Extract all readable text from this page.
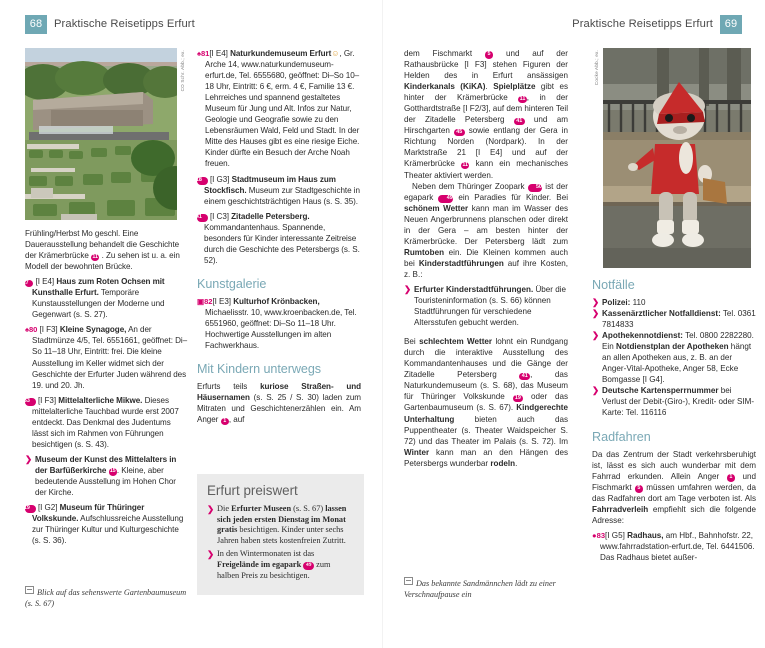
68	Praktische Reisetipps Erfurt	Praktische Reisetipps Erfurt	69
CO Schr. Abb.; ex.	Cocke Abb.; ex.

Frühling/Herbst Mo geschl. Eine Dauerausstellung behandelt die Geschichte der Krämerbrücke 11 . Zu sehen ist u. a. ein Modell der bewohnten Brücke.

17 [I E4] Haus zum Roten Ochsen mit Kunsthalle Erfurt. Temporäre Kunstausstellungen der Moderne und Gegenwart (s. S. 27).

♠80 [I F3] Kleine Synagoge, An der Stadtmünze 4/5, Tel. 6551661, geöffnet: Di–So 11–18 Uhr, Eintritt: frei. Die kleine Ausstellung im Keller widmet sich der Geschichte der Erfurter Juden während des 19. und 20. Jh.

53 [I F3] Mittelalterliche Mikwe. Dieses mittelalterliche Tauchbad wurde erst 2007 entdeckt. Das Denkmal des Judentums lässt sich im Rahmen von Führungen besichtigen (s. S. 43).

❯ Museum der Kunst des Mittelalters in der Barfüßerkirche 15. Kleine, aber bedeutende Ausstellung im Hohen Chor der Kirche.

19 [I G2] Museum für Thüringer Volkskunde. Aufschlussreiche Ausstellung zur Thüringer Kultur und Kulturgeschichte (s. S. 36).

Blick auf das sehenswerte Gartenbaumuseum (s. S. 67)

♠81[I E4] Naturkundemuseum Erfurt☺, Gr. Arche 14, www.naturkundemuseum-erfurt.de, Tel. 6555680, geöffnet: Di–So 10–18 Uhr, Eintritt: 6 €, erm. 4 €, Familie 13 €. Lehrreiches und spannend gestaltetes Museum für Jung und Alt. Infos zur Natur, Geologie und Geografie sowie zu den Lebensräumen Wald, Feld und Stadt. In der Mitte des Hauses gibt es eine riesige Eiche. Kinder dürfte ein Besuch der Arche Noah freuen.

18 [I G3] Stadtmuseum im Haus zum Stockfisch. Museum zur Stadtgeschichte in einem geschichtsträchtigen Haus (s. S. 35).

41 [I C3] Zitadelle Petersberg. Kommandantenhaus. Spannende, besonders für Kinder interessante Zeitreise durch die Geschichte des Petersbergs (s. S. 52).

Kunstgalerie

▣82[I E3] Kulturhof Krönbacken, Michaelisstr. 10, www.kroenbacken.de, Tel. 6551960, geöffnet: Di–So 11–18 Uhr. Hochwertige Ausstellungen im alten Fachwerkhaus.

Mit Kindern unterwegs

Erfurts teils kuriose Straßen- und Häusernamen (s. S. 25 / S. 30) laden zum Mitraten und Geschichtenerzählen ein. Am Anger 1 , auf

Erfurt preiswert
❯ Die Erfurter Museen (s. S. 67) lassen sich jeden ersten Dienstag im Monat gratis besichtigen. Kinder unter sechs Jahren haben stets kostenfreien Zutritt.
❯ In den Wintermonaten ist das Freigelände im egapark 49 zum halben Preis zu besichtigen.

dem Fischmarkt 5 und auf der Rathausbrücke [I F3] stehen Figuren der Helden des in Erfurt ansässigen Kinderkanals (KiKA). Spielplätze gibt es hinter der Krämerbrücke 11, in der Gotthardtstraße [I F2/3], auf dem hinteren Teil der Zitadelle Petersberg 41 und am Hirschgarten 45 sowie entlang der Gera in Richtung Norden (Nordpark). In der Marktstraße 21 [I E4] und auf der Krämerbrücke 11 kann ein mechanisches Theater aktiviert werden.

Neben dem Thüringer Zoopark 50 ist der egapark 49 ein Paradies für Kinder. Bei schönem Wetter kann man im Wasser des Neuen Angerbrunnens planschen oder direkt in der Gera – am besten hinter der Krämerbrücke. Der Petersberg lädt zum Rumtoben ein. Die Kleinen kommen auch bei Kinderstadtführungen auf ihre Kosten, z. B.:

❯ Erfurter Kinderstadtführungen. Über die Touristeninformation (s. S. 66) können Stadtführungen für verschiedene Altersstufen gebucht werden.

Bei schlechtem Wetter lohnt ein Rundgang durch die interaktive Ausstellung des Kommandantenhauses und die Gänge der Zitadelle Petersberg 41 , das Naturkundemuseum (s. S. 68), das Museum für Thüringer Volkskunde 19 oder das Gartenbaumuseum (s. S. 67). Kindgerechte Unterhaltung bieten auch das Puppentheater (s. Theater Waidspeicher S. 72) und das Theater im Palais (s. S. 72). Im Winter kann man an den Hängen des Petersbergs wunderbar rodeln.

Das bekannte Sandmännchen lädt zu einer Verschnaufpause ein
Notfälle
❯ Polizei: 110
❯ Kassenärztlicher Notfalldienst: Tel. 0361 7814833
❯ Apothekennotdienst: Tel. 0800 2282280. Ein Notdienstplan der Apotheken hängt an allen Apotheken aus, z. B. an der Anger-Vital-Apotheke, Anger 58, Ecke Bomgasse [I G4].
❯ Deutsche Kartensperrnummer bei Verlust der Debit-(Giro-), Kredit- oder SIM-Karte: Tel. 116116
Radfahren

Da das Zentrum der Stadt verkehrsberuhigt ist, lässt es sich auch wunderbar mit dem Fahrrad erkunden. Allein Anger 1 und Fischmarkt 5 müssen umfahren werden, da das Radfahren dort am Tage verboten ist. Als Fahrradverleih empfiehlt sich die folgende Adresse:

●83[I G5] Radhaus, am Hbf., Bahnhofstr. 22, www.fahrradstation-erfurt.de, Tel. 6441506. Das Radhaus bietet außer-
